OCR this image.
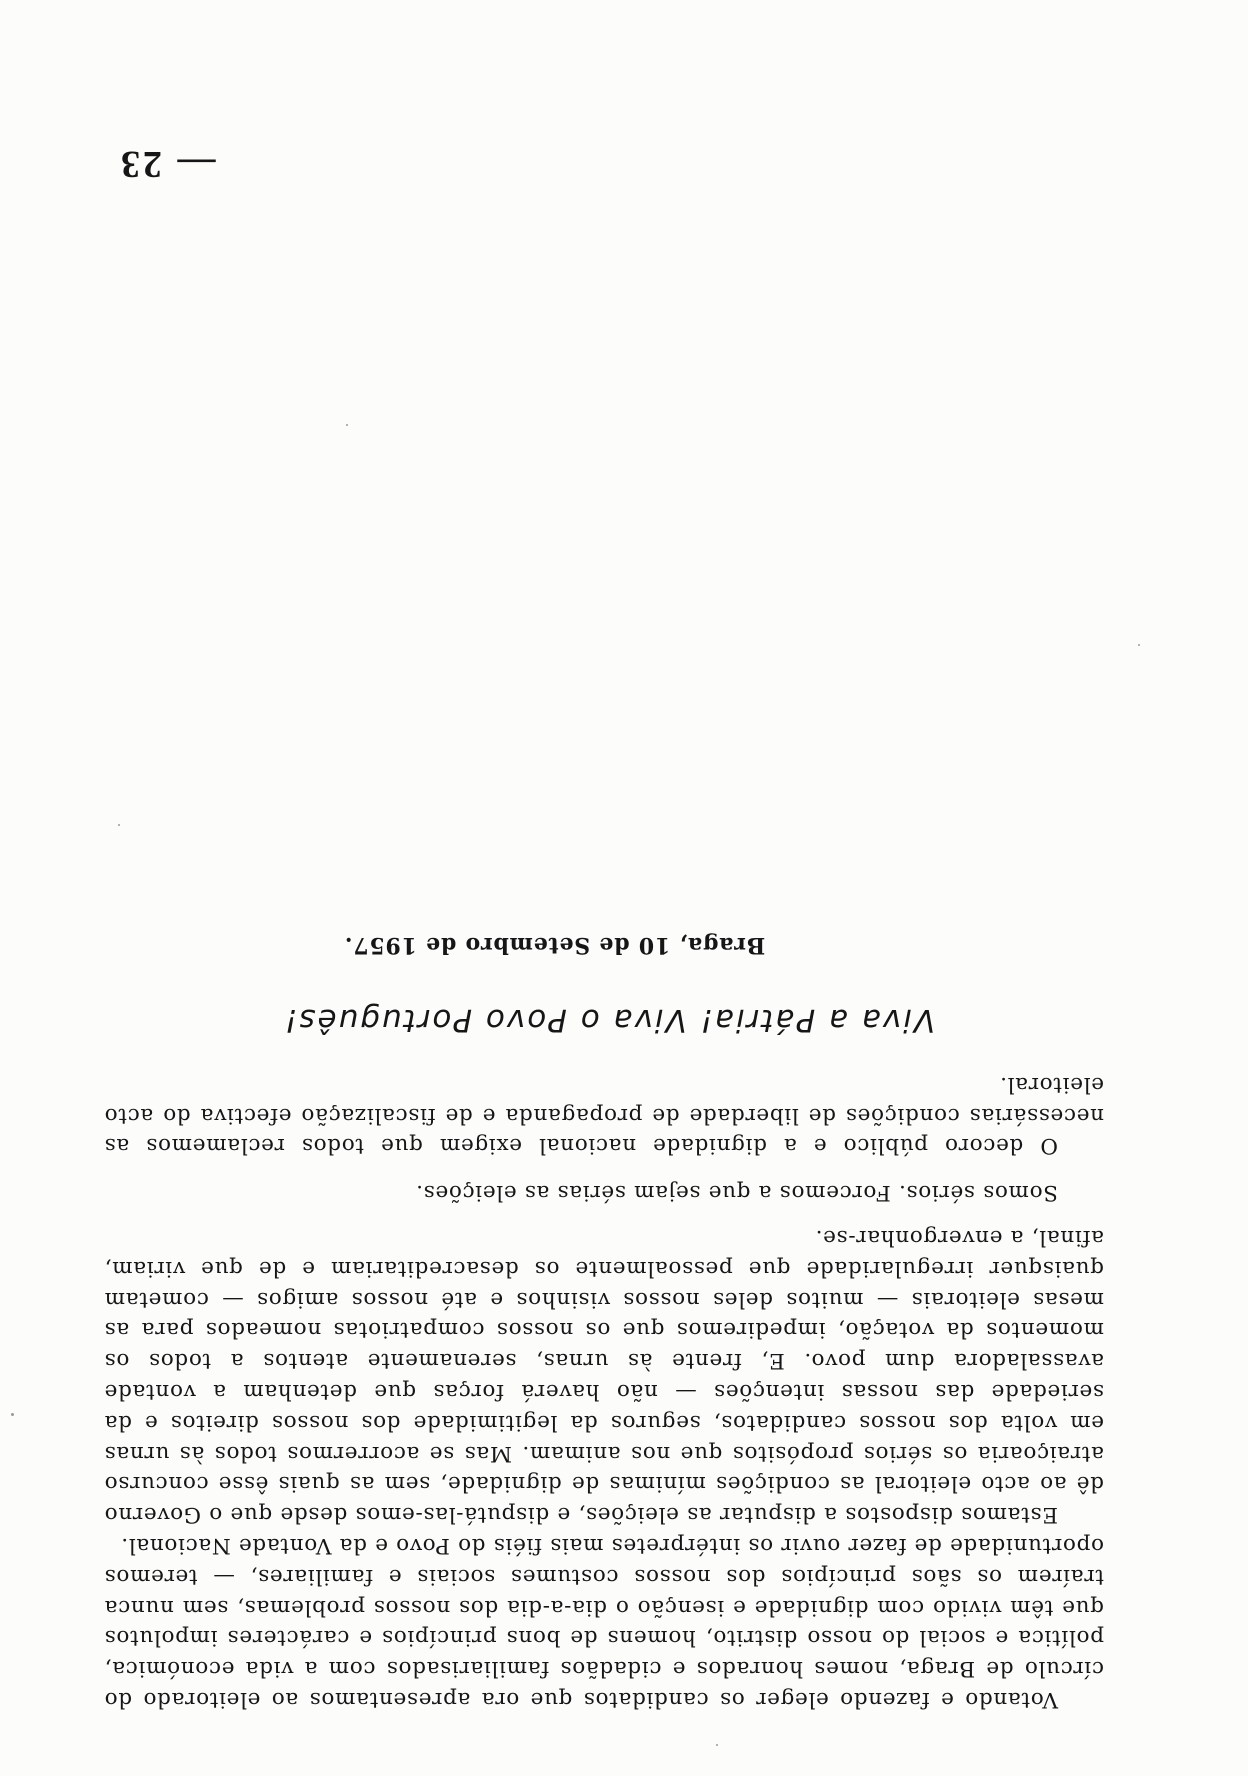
Votando e fazendo eleger os candidatos que ora apresentamos ao eleitorado do círculo de Braga, nomes honrados e cidadãos familiarisados com a vida económica, política e social do nosso distrito, homens de bons princípios e carácteres impolutos que têm vivido com dignidade e isenção o dia-a-dia dos nossos problemas, sem nunca traírem os sãos princípios dos nossos costumes sociais e familiares, — teremos oportunidade de fazer ouvir os intérpretes mais fiéis do Povo e da Vontade Nacional.

Estamos dispostos a disputar as eleições, e disputá-las-emos desde que o Governo dê ao acto eleitoral as condições mínimas de dignidade, sem as quais êsse concurso atraiçoaria os sérios propósitos que nos animam. Mas se acorrermos todos às urnas em volta dos nossos candidatos, seguros da legitimidade dos nossos direitos e da seriedade das nossas intenções — não haverá forças que detenham a vontade avassaladora dum povo. E, frente às urnas, serenamente atentos a todos os momentos da votação, impediremos que os nossos compatriotas nomeados para as mesas eleitorais — muitos deles nossos visinhos e até nossos amigos — cometam quaisquer irregularidade que pessoalmente os desacreditariam e de que viriam, afinal, a envergonhar-se.

Somos sérios. Forcemos a que sejam sérias as eleições.

O decoro público e a dignidade nacional exigem que todos reclamemos as necessárias condições de liberdade de propaganda e de fiscalização efectiva do acto eleitoral.

Viva a Pátria! Viva o Povo Português!
Braga, 10 de Setembro de 1957.
— 23
